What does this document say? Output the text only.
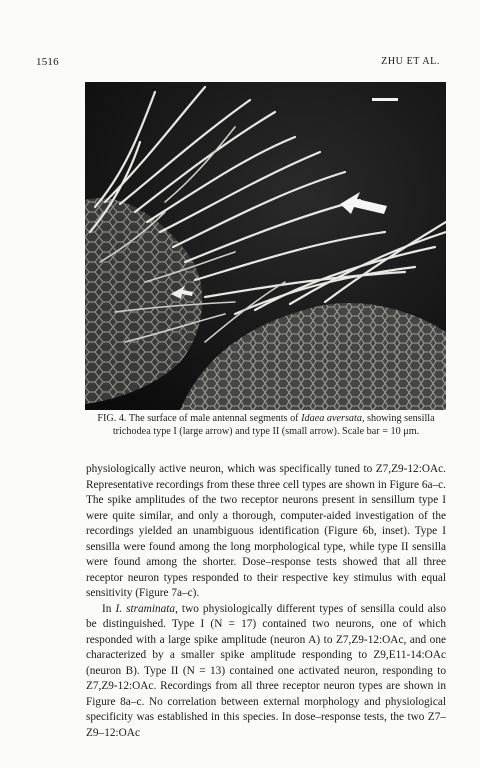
1516	ZHU ET AL.
FIG. 4. The surface of male antennal segments of Idaea aversata, showing sensilla trichodea type I (large arrow) and type II (small arrow). Scale bar = 10 μm.

physiologically active neuron, which was specifically tuned to Z7,Z9-12:OAc. Representative recordings from these three cell types are shown in Figure 6a–c. The spike amplitudes of the two receptor neurons present in sensillum type I were quite similar, and only a thorough, computer-aided investigation of the recordings yielded an unambiguous identification (Figure 6b, inset). Type I sensilla were found among the long morphological type, while type II sensilla were found among the shorter. Dose–response tests showed that all three receptor neuron types responded to their respective key stimulus with equal sensitivity (Figure 7a–c).

In I. straminata, two physiologically different types of sensilla could also be distinguished. Type I (N = 17) contained two neurons, one of which responded with a large spike amplitude (neuron A) to Z7,Z9-12:OAc, and one characterized by a smaller spike amplitude responding to Z9,E11-14:OAc (neuron B). Type II (N = 13) contained one activated neuron, responding to Z7,Z9-12:OAc. Recordings from all three receptor neuron types are shown in Figure 8a–c. No correlation between external morphology and physiological specificity was established in this species. In dose–response tests, the two Z7–Z9–12:OAc
